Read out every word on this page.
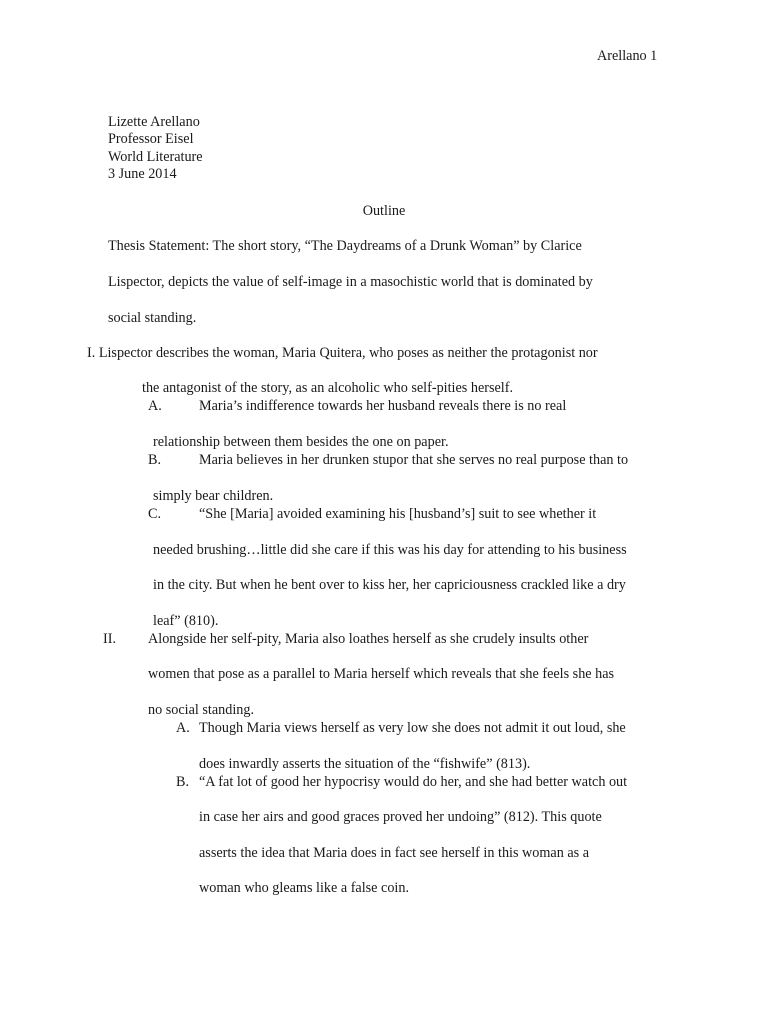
Arellano 1
Lizette Arellano
Professor Eisel
World Literature
3 June 2014
Outline
Thesis Statement: The short story, “The Daydreams of a Drunk Woman” by Clarice
Lispector, depicts the value of self-image in a masochistic world that is dominated by
social standing.
I. Lispector describes the woman, Maria Quitera, who poses as neither the protagonist nor
the antagonist of the story, as an alcoholic who self-pities herself.
A.	Maria’s indifference towards her husband reveals there is no real
relationship between them besides the one on paper.
B.	Maria believes in her drunken stupor that she serves no real purpose than to
simply bear children.
C.	“She [Maria] avoided examining his [husband’s] suit to see whether it
needed brushing…little did she care if this was his day for attending to his business
in the city. But when he bent over to kiss her, her capriciousness crackled like a dry
leaf” (810).
II. Alongside her self-pity, Maria also loathes herself as she crudely insults other
women that pose as a parallel to Maria herself which reveals that she feels she has
no social standing.
A. Though Maria views herself as very low she does not admit it out loud, she
does inwardly asserts the situation of the “fishwife” (813).
B. “A fat lot of good her hypocrisy would do her, and she had better watch out
in case her airs and good graces proved her undoing” (812). This quote
asserts the idea that Maria does in fact see herself in this woman as a
woman who gleams like a false coin.
